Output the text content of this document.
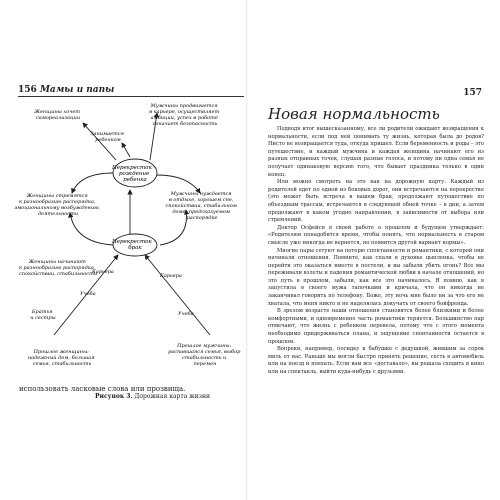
156 Мамы и папы
Перекресток – рождение ребенка
Перекресток – брак
Женщины хочет самореализации
Занимается ребенком
Мужчины продвигается в карьере, осуществляет амбиции, успех в работе означает безопасность
Женщины стремятся к разнообразию распорядка, эмоциональному возбуждению, деятельности
Мужчины нуждается в отдыхе, хорошем сне, спокойствии, стабильном доме, предсказуемом распорядке
Женщины начинают к разнообразию распорядка, спокойствии, стабильности
Карьера
Карьера
Учеба
Учеба
Братья и сестры
Прошлое женщины: надежный дом, большая семья, стабильность
Прошлое мужчины: распавшаяся семья, выбор стабильность и перемен
использовать ласковые слова или прозвища.
Рисунок 3. Дорожная карта жизни
157
Новая нормальность

Подводя итог вышесказанному, все ли родители ожидают возвращения к нормальности, если под ней понимать ту жизнь, которая была до родов? Нисто не возвращается туда, откуда пришел. Если беременность и роды – это путешествие, и каждый мужчина и каждая женщина начинают его из разных отправных точек, слушая разные голоса, и потому ни одна семья не получает одинаковую версию того, что бывает праздника только в один конец.

Или можно смотреть на это как на дорожную карту. Каждый из родителей едет по одной из боковых дорог, они встречаются на перекрестке (это может быть встреча в вашем брак, продолжают путешествие по объездным трассам, встречаются в следующей обней точке – в дни, а затем продолжают в каком угодно направлении, в зависимости от выбора или стремлений.

Доктор Осфейсн в своей работе о прошлом и будущем утверждает: «Родителям понадобится время, чтобы понять, что нормальность в старом смысле уже никогда не вернется, но появится другой вариант нормы».

Многие пары сетуют на потерю спонтанности и романтики, с которой они начинали отношения. Помните, как спали в духовке цыпленка, чтобы не перейти это оказаться вместе в постели, и вы забыли убить огонь? Все мы переживали взлеты и падения романтической любви в начале отношений, но это путь в прошлом, забыли, как все это начиналось. Я помню, как я запустила в своего мужа тапочками и кричала, что он никогда не заканчивал говорить по телефону. Боже, эту ночь мне было ни за что его не хватала, что меня никто и не наделялась докучать от своего бойфренда.

В зрелом возрасте наши отношения становятся более близкими и более комфортными, и одновременно часть романтики теряется. Большинство пар отмечают, что жизнь с ребенком перевела, потому что с этого момента необходимо придерживаться плана, и ощущение спонтанности остается в прошлом.

Вопреки, например, посидку к бабушке с дедушкой, жившим за сорок миль от нас. Раньше мы могли быстро принять решение, сесть в автомобиль или на поезд и поехать. Если вам все «доставало», вы решала сходить в кино или на спектакль, выйти куда-нибудь с друзьями.
